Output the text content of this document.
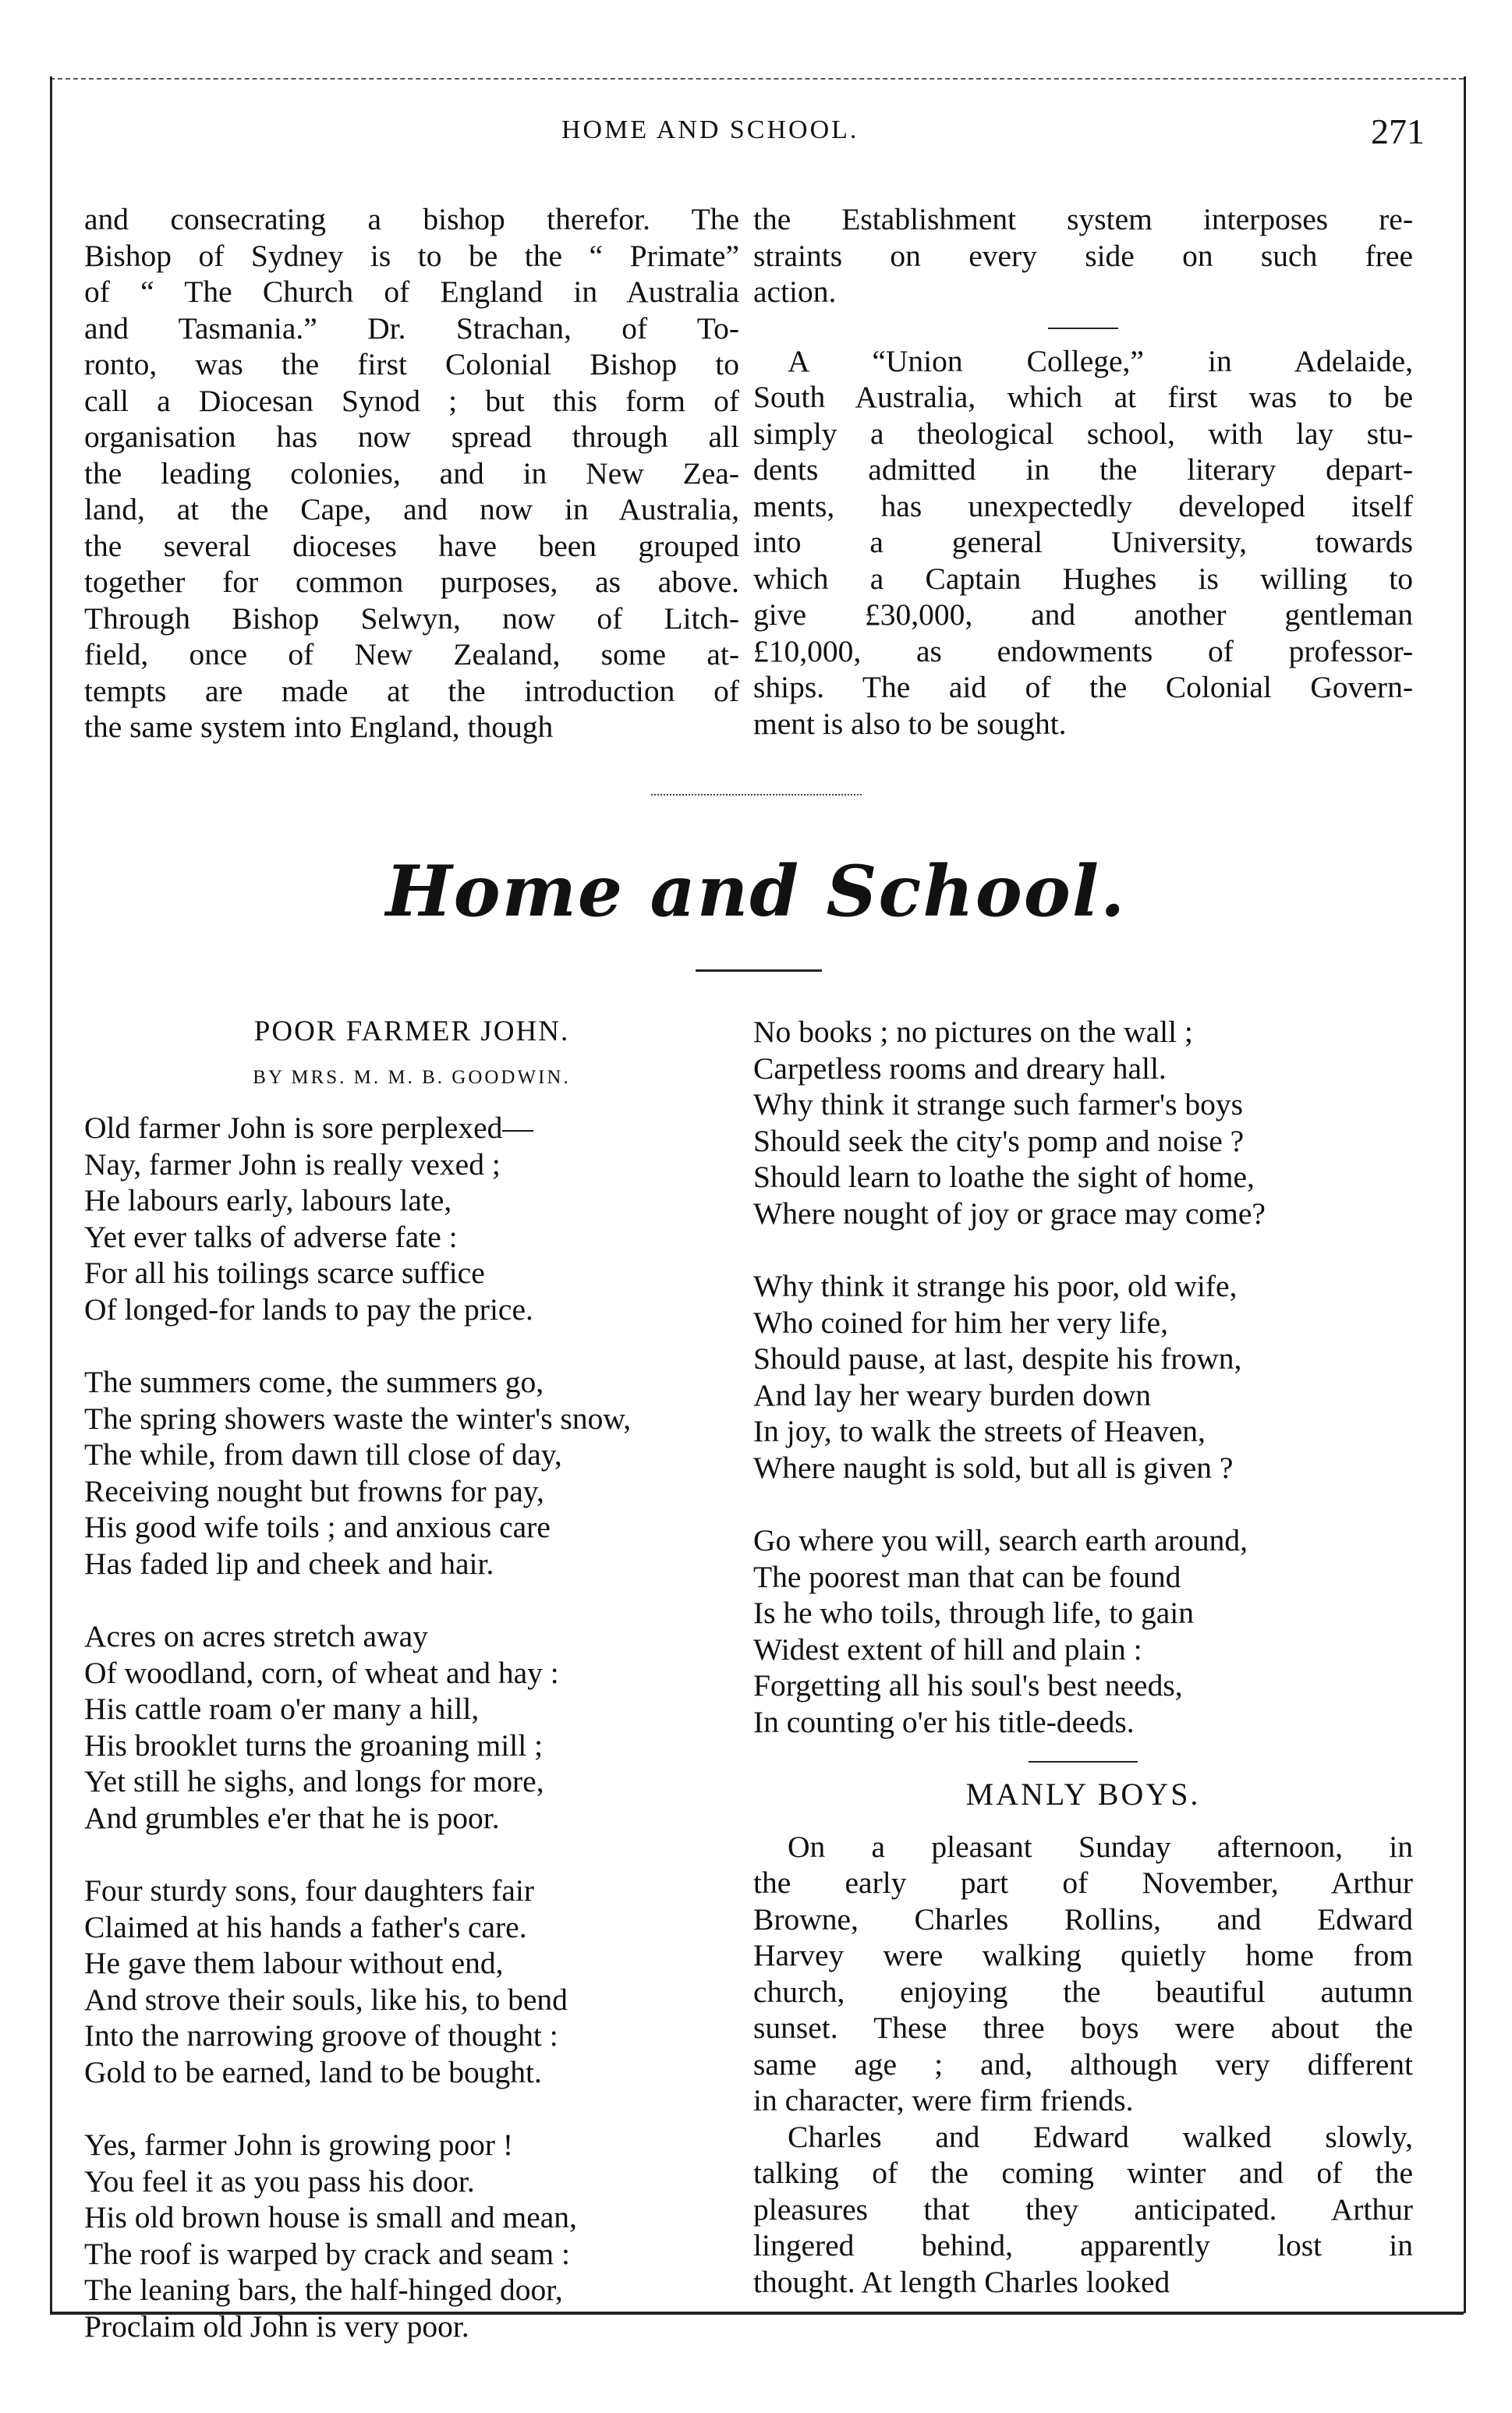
HOME AND SCHOOL.	271
and consecrating a bishop therefor. The
Bishop of Sydney is to be the “ Primate”
of “ The Church of England in Australia
and Tasmania.” Dr. Strachan, of To-
ronto, was the first Colonial Bishop to
call a Diocesan Synod ; but this form of
organisation has now spread through all
the leading colonies, and in New Zea-
land, at the Cape, and now in Australia,
the several dioceses have been grouped
together for common purposes, as above.
Through Bishop Selwyn, now of Litch-
field, once of New Zealand, some at-
tempts are made at the introduction of
the same system into England, though
the Establishment system interposes re-
straints on every side on such free
action.
A “Union College,” in Adelaide,
South Australia, which at first was to be
simply a theological school, with lay stu-
dents admitted in the literary depart-
ments, has unexpectedly developed itself
into a general University, towards
which a Captain Hughes is willing to
give £30,000, and another gentleman
£10,000, as endowments of professor-
ships. The aid of the Colonial Govern-
ment is also to be sought.
Home and School.
POOR FARMER JOHN.
BY MRS. M. M. B. GOODWIN.
Old farmer John is sore perplexed—
Nay, farmer John is really vexed ;
He labours early, labours late,
Yet ever talks of adverse fate :
For all his toilings scarce suffice
Of longed-for lands to pay the price.
The summers come, the summers go,
The spring showers waste the winter's snow,
The while, from dawn till close of day,
Receiving nought but frowns for pay,
His good wife toils ; and anxious care
Has faded lip and cheek and hair.
Acres on acres stretch away
Of woodland, corn, of wheat and hay :
His cattle roam o'er many a hill,
His brooklet turns the groaning mill ;
Yet still he sighs, and longs for more,
And grumbles e'er that he is poor.
Four sturdy sons, four daughters fair
Claimed at his hands a father's care.
He gave them labour without end,
And strove their souls, like his, to bend
Into the narrowing groove of thought :
Gold to be earned, land to be bought.
Yes, farmer John is growing poor !
You feel it as you pass his door.
His old brown house is small and mean,
The roof is warped by crack and seam :
The leaning bars, the half-hinged door,
Proclaim old John is very poor.
No books ; no pictures on the wall ;
Carpetless rooms and dreary hall.
Why think it strange such farmer's boys
Should seek the city's pomp and noise ?
Should learn to loathe the sight of home,
Where nought of joy or grace may come?
Why think it strange his poor, old wife,
Who coined for him her very life,
Should pause, at last, despite his frown,
And lay her weary burden down
In joy, to walk the streets of Heaven,
Where naught is sold, but all is given ?
Go where you will, search earth around,
The poorest man that can be found
Is he who toils, through life, to gain
Widest extent of hill and plain :
Forgetting all his soul's best needs,
In counting o'er his title-deeds.
MANLY BOYS.
On a pleasant Sunday afternoon, in
the early part of November, Arthur
Browne, Charles Rollins, and Edward
Harvey were walking quietly home from
church, enjoying the beautiful autumn
sunset. These three boys were about the
same age ; and, although very different
in character, were firm friends.
Charles and Edward walked slowly,
talking of the coming winter and of the
pleasures that they anticipated. Arthur
lingered behind, apparently lost in
thought. At length Charles looked
